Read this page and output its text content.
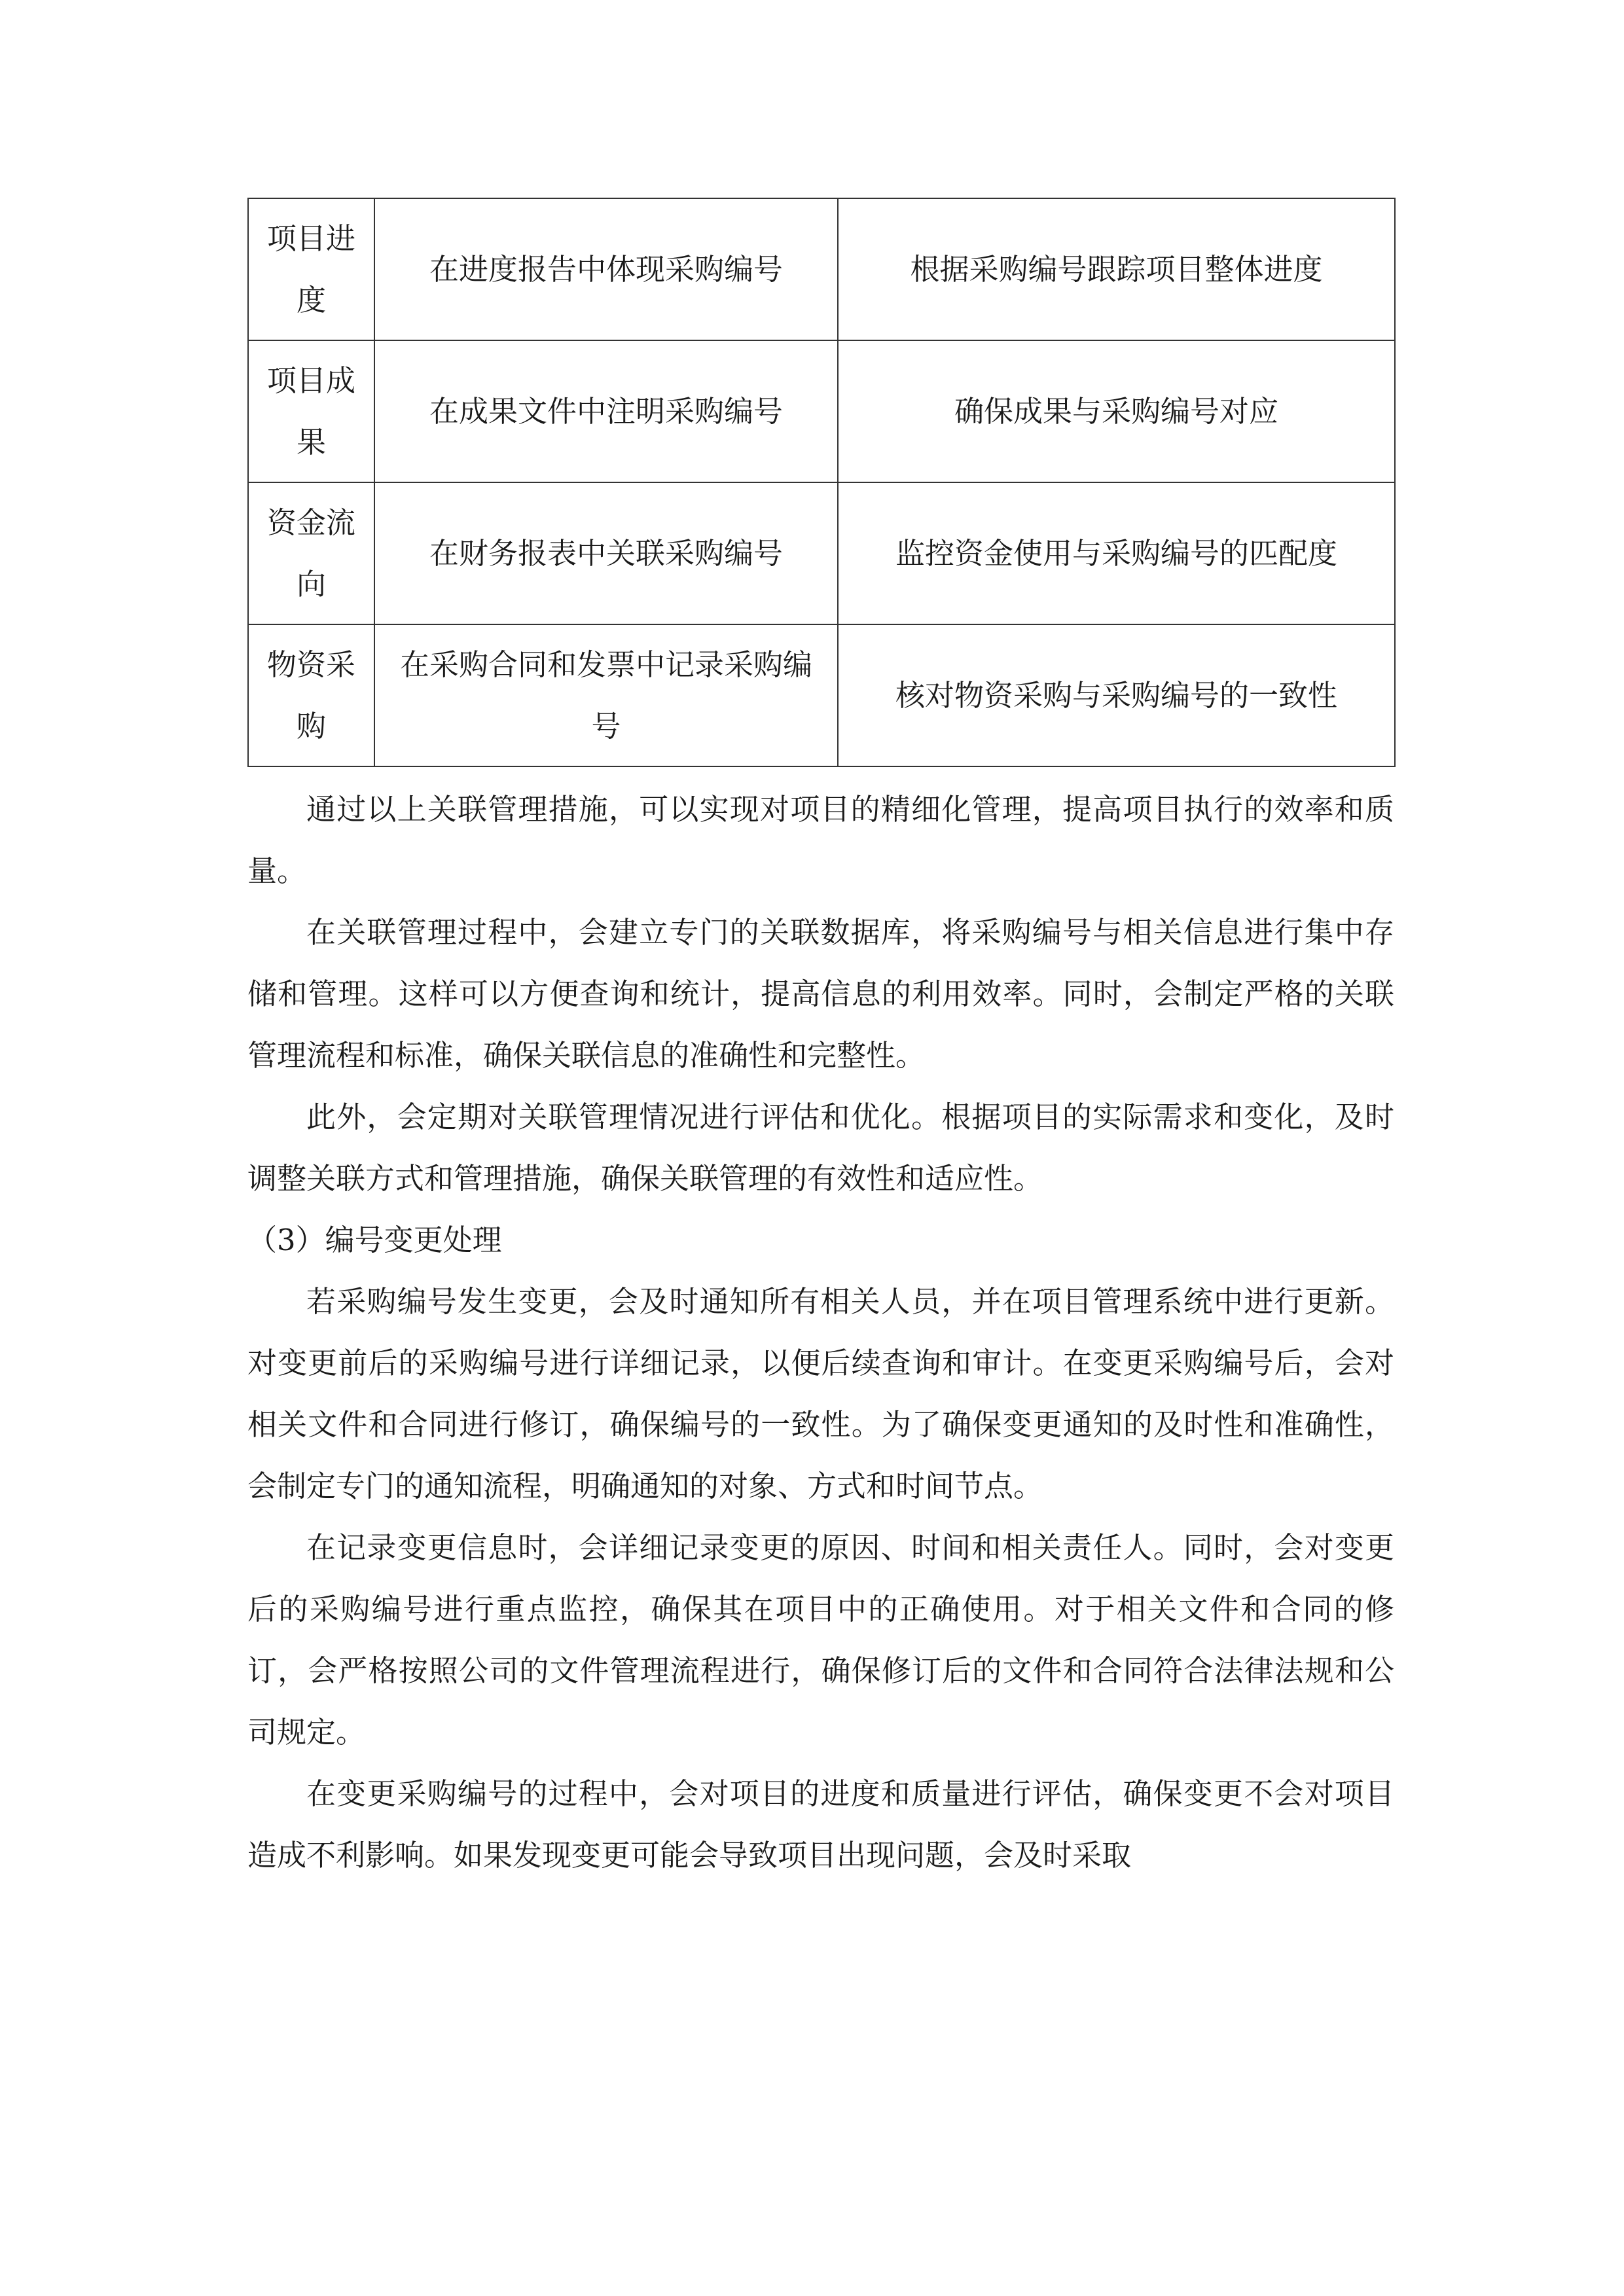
项目进度	在进度报告中体现采购编号	根据采购编号跟踪项目整体进度
项目成果	在成果文件中注明采购编号	确保成果与采购编号对应
资金流向	在财务报表中关联采购编号	监控资金使用与采购编号的匹配度
物资采购	在采购合同和发票中记录采购编号	核对物资采购与采购编号的一致性

通过以上关联管理措施，可以实现对项目的精细化管理，提高项目执行的效率和质量。

在关联管理过程中，会建立专门的关联数据库，将采购编号与相关信息进行集中存储和管理。这样可以方便查询和统计，提高信息的利用效率。同时，会制定严格的关联管理流程和标准，确保关联信息的准确性和完整性。

此外，会定期对关联管理情况进行评估和优化。根据项目的实际需求和变化，及时调整关联方式和管理措施，确保关联管理的有效性和适应性。

（3）编号变更处理

若采购编号发生变更，会及时通知所有相关人员，并在项目管理系统中进行更新。对变更前后的采购编号进行详细记录，以便后续查询和审计。在变更采购编号后，会对相关文件和合同进行修订，确保编号的一致性。为了确保变更通知的及时性和准确性，会制定专门的通知流程，明确通知的对象、方式和时间节点。

在记录变更信息时，会详细记录变更的原因、时间和相关责任人。同时，会对变更后的采购编号进行重点监控，确保其在项目中的正确使用。对于相关文件和合同的修订，会严格按照公司的文件管理流程进行，确保修订后的文件和合同符合法律法规和公司规定。

在变更采购编号的过程中，会对项目的进度和质量进行评估，确保变更不会对项目造成不利影响。如果发现变更可能会导致项目出现问题，会及时采取
